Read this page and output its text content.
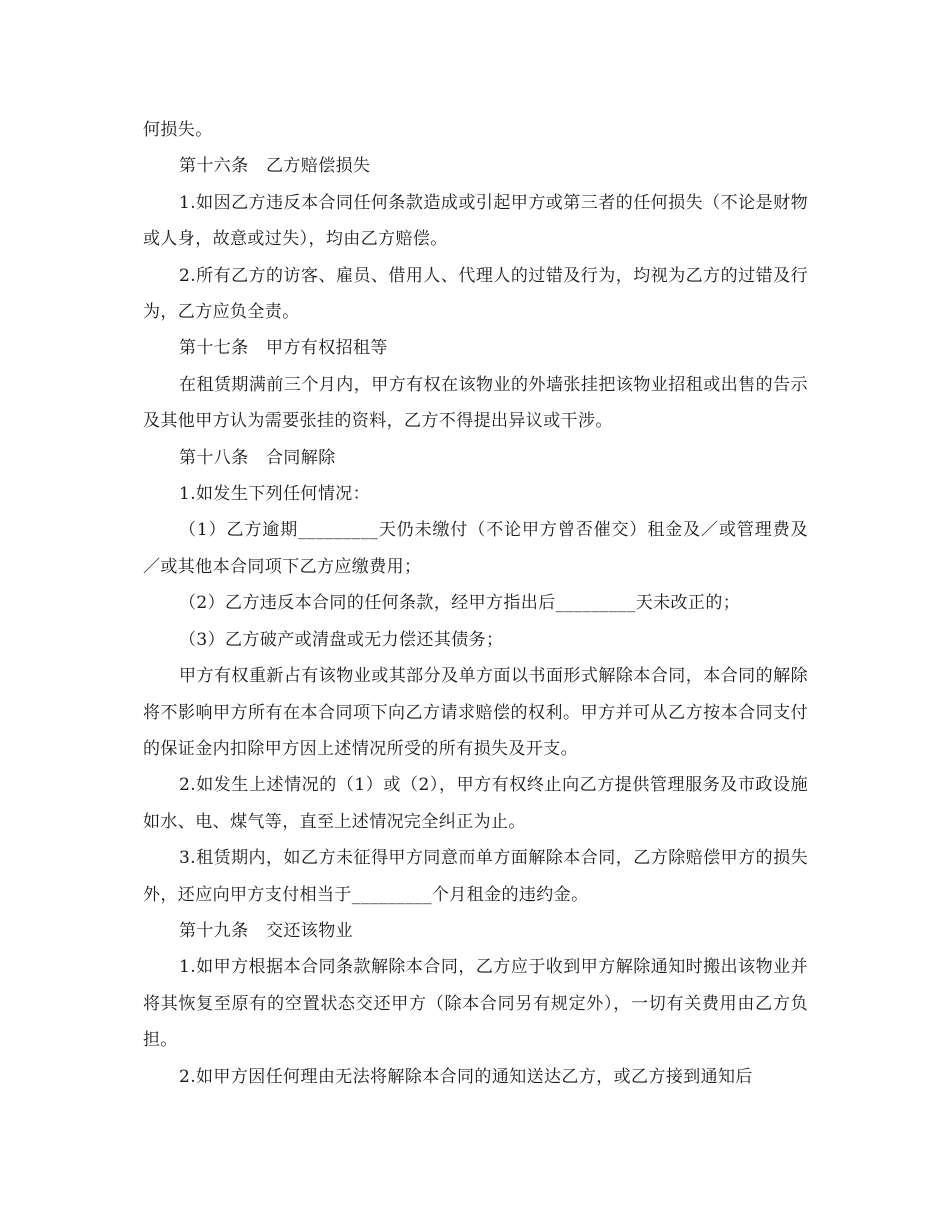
何损失。

第十六条　乙方赔偿损失

1.如因乙方违反本合同任何条款造成或引起甲方或第三者的任何损失（不论是财物或人身，故意或过失），均由乙方赔偿。

2.所有乙方的访客、雇员、借用人、代理人的过错及行为，均视为乙方的过错及行为，乙方应负全责。

第十七条　甲方有权招租等

在租赁期满前三个月内，甲方有权在该物业的外墙张挂把该物业招租或出售的告示及其他甲方认为需要张挂的资料，乙方不得提出异议或干涉。

第十八条　合同解除

1.如发生下列任何情况：

（1）乙方逾期_________天仍未缴付（不论甲方曾否催交）租金及／或管理费及／或其他本合同项下乙方应缴费用；

（2）乙方违反本合同的任何条款，经甲方指出后_________天未改正的；

（3）乙方破产或清盘或无力偿还其债务；

甲方有权重新占有该物业或其部分及单方面以书面形式解除本合同，本合同的解除将不影响甲方所有在本合同项下向乙方请求赔偿的权利。甲方并可从乙方按本合同支付的保证金内扣除甲方因上述情况所受的所有损失及开支。

2.如发生上述情况的（1）或（2），甲方有权终止向乙方提供管理服务及市政设施如水、电、煤气等，直至上述情况完全纠正为止。

3.租赁期内，如乙方未征得甲方同意而单方面解除本合同，乙方除赔偿甲方的损失外，还应向甲方支付相当于_________个月租金的违约金。

第十九条　交还该物业

1.如甲方根据本合同条款解除本合同，乙方应于收到甲方解除通知时搬出该物业并将其恢复至原有的空置状态交还甲方（除本合同另有规定外），一切有关费用由乙方负担。

2.如甲方因任何理由无法将解除本合同的通知送达乙方，或乙方接到通知后
